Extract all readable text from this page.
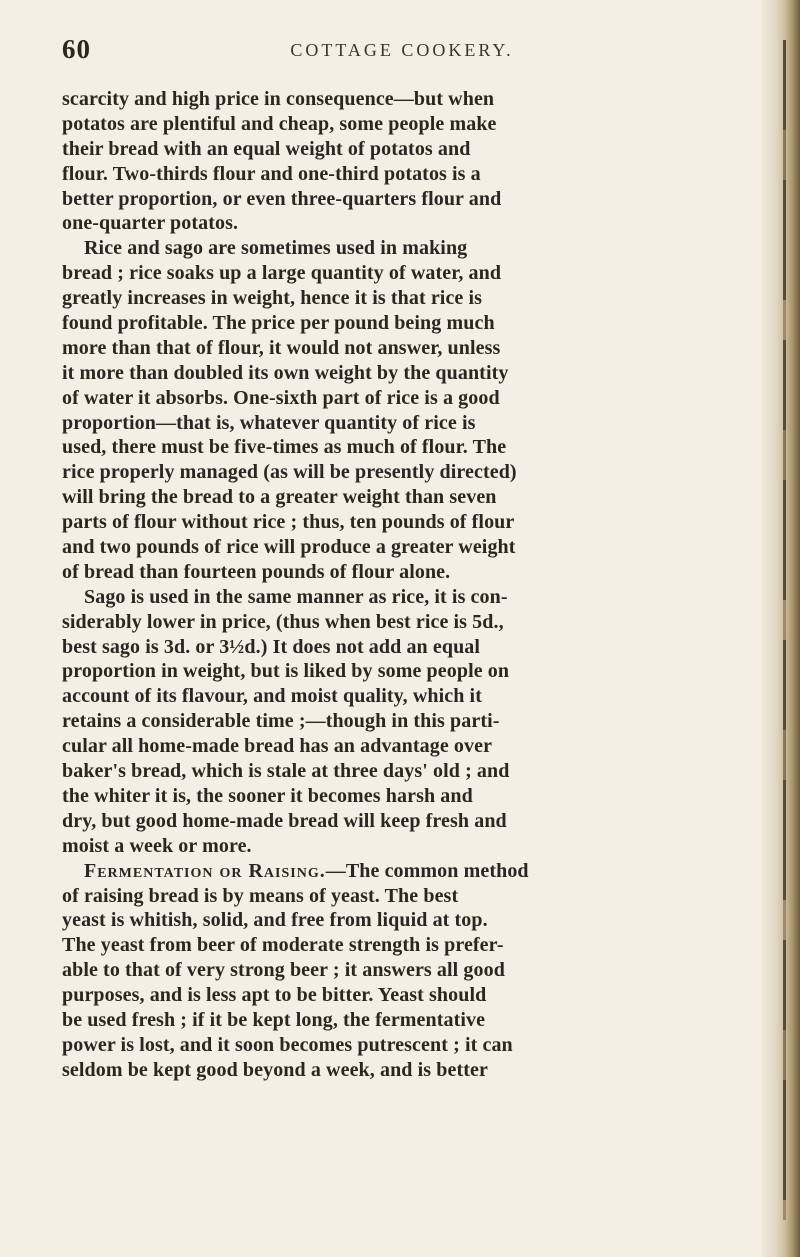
60	COTTAGE COOKERY.
scarcity and high price in consequence—but when
potatos are plentiful and cheap, some people make
their bread with an equal weight of potatos and
flour. Two-thirds flour and one-third potatos is a
better proportion, or even three-quarters flour and
one-quarter potatos.
Rice and sago are sometimes used in making
bread ; rice soaks up a large quantity of water, and
greatly increases in weight, hence it is that rice is
found profitable. The price per pound being much
more than that of flour, it would not answer, unless
it more than doubled its own weight by the quantity
of water it absorbs. One-sixth part of rice is a good
proportion—that is, whatever quantity of rice is
used, there must be five-times as much of flour. The
rice properly managed (as will be presently directed)
will bring the bread to a greater weight than seven
parts of flour without rice ; thus, ten pounds of flour
and two pounds of rice will produce a greater weight
of bread than fourteen pounds of flour alone.
Sago is used in the same manner as rice, it is con-
siderably lower in price, (thus when best rice is 5d.,
best sago is 3d. or 3½d.) It does not add an equal
proportion in weight, but is liked by some people on
account of its flavour, and moist quality, which it
retains a considerable time ;—though in this parti-
cular all home-made bread has an advantage over
baker's bread, which is stale at three days' old ; and
the whiter it is, the sooner it becomes harsh and
dry, but good home-made bread will keep fresh and
moist a week or more.
Fermentation or Raising.—The common method
of raising bread is by means of yeast. The best
yeast is whitish, solid, and free from liquid at top.
The yeast from beer of moderate strength is prefer-
able to that of very strong beer ; it answers all good
purposes, and is less apt to be bitter. Yeast should
be used fresh ; if it be kept long, the fermentative
power is lost, and it soon becomes putrescent ; it can
seldom be kept good beyond a week, and is better
